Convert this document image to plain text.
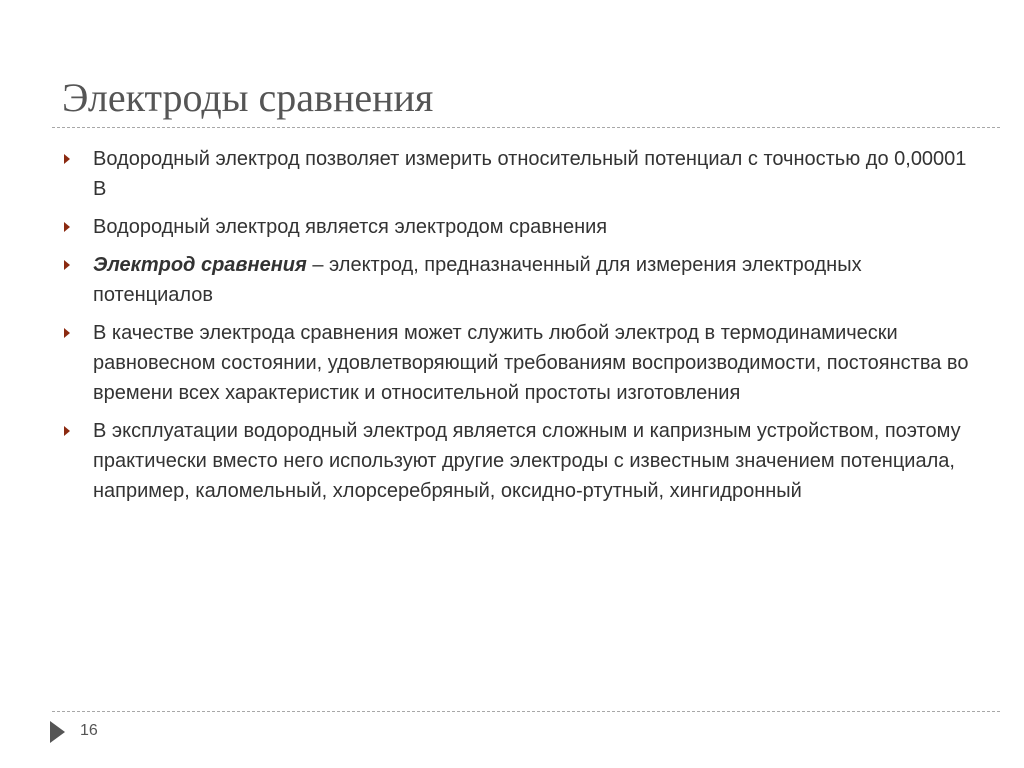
Электроды сравнения
Водородный электрод позволяет измерить относительный потенциал с точностью до 0,00001 В
Водородный электрод является электродом сравнения
Электрод сравнения – электрод, предназначенный для измерения электродных потенциалов
В качестве электрода сравнения может служить любой электрод в термодинамически равновесном состоянии, удовлетворяющий требованиям воспроизводимости, постоянства во времени всех характеристик и относительной простоты изготовления
В эксплуатации водородный электрод является сложным и капризным устройством, поэтому практически вместо него используют другие электроды с известным значением потенциала, например, каломельный, хлорсеребряный, оксидно-ртутный, хингидронный
16
